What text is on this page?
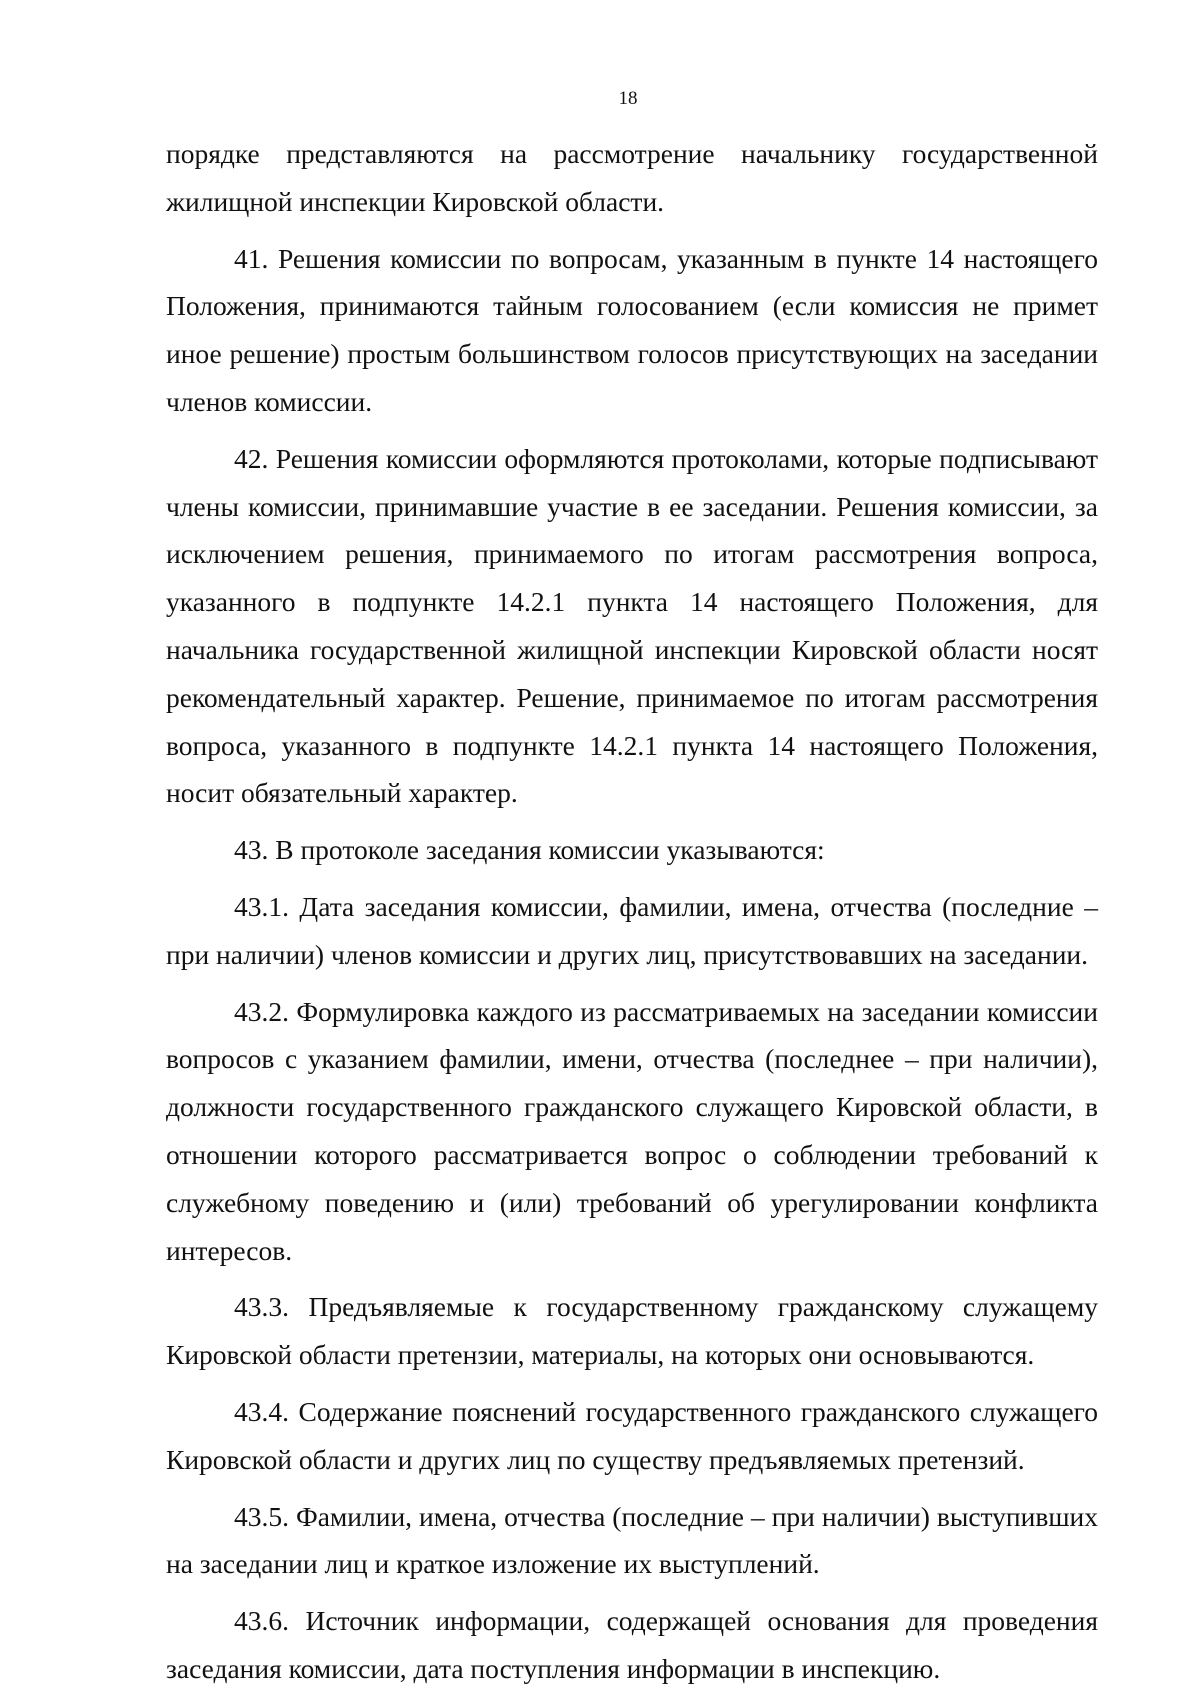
18

порядке представляются на рассмотрение начальнику государственной жилищной инспекции Кировской области.

41. Решения комиссии по вопросам, указанным в пункте 14 настоящего Положения, принимаются тайным голосованием (если комиссия не примет иное решение) простым большинством голосов присутствующих на заседании членов комиссии.

42. Решения комиссии оформляются протоколами, которые подписывают члены комиссии, принимавшие участие в ее заседании. Решения комиссии, за исключением решения, принимаемого по итогам рассмотрения вопроса, указанного в подпункте 14.2.1 пункта 14 настоящего Положения, для начальника государственной жилищной инспекции Кировской области носят рекомендательный характер. Решение, принимаемое по итогам рассмотрения вопроса, указанного в подпункте 14.2.1 пункта 14 настоящего Положения, носит обязательный характер.

43. В протоколе заседания комиссии указываются:

43.1. Дата заседания комиссии, фамилии, имена, отчества (последние – при наличии) членов комиссии и других лиц, присутствовавших на заседании.

43.2. Формулировка каждого из рассматриваемых на заседании комиссии вопросов с указанием фамилии, имени, отчества (последнее – при наличии), должности государственного гражданского служащего Кировской области, в отношении которого рассматривается вопрос о соблюдении требований к служебному поведению и (или) требований об урегулировании конфликта интересов.

43.3. Предъявляемые к государственному гражданскому служащему Кировской области претензии, материалы, на которых они основываются.

43.4. Содержание пояснений государственного гражданского служащего Кировской области и других лиц по существу предъявляемых претензий.

43.5. Фамилии, имена, отчества (последние – при наличии) выступивших на заседании лиц и краткое изложение их выступлений.

43.6. Источник информации, содержащей основания для проведения заседания комиссии, дата поступления информации в инспекцию.
